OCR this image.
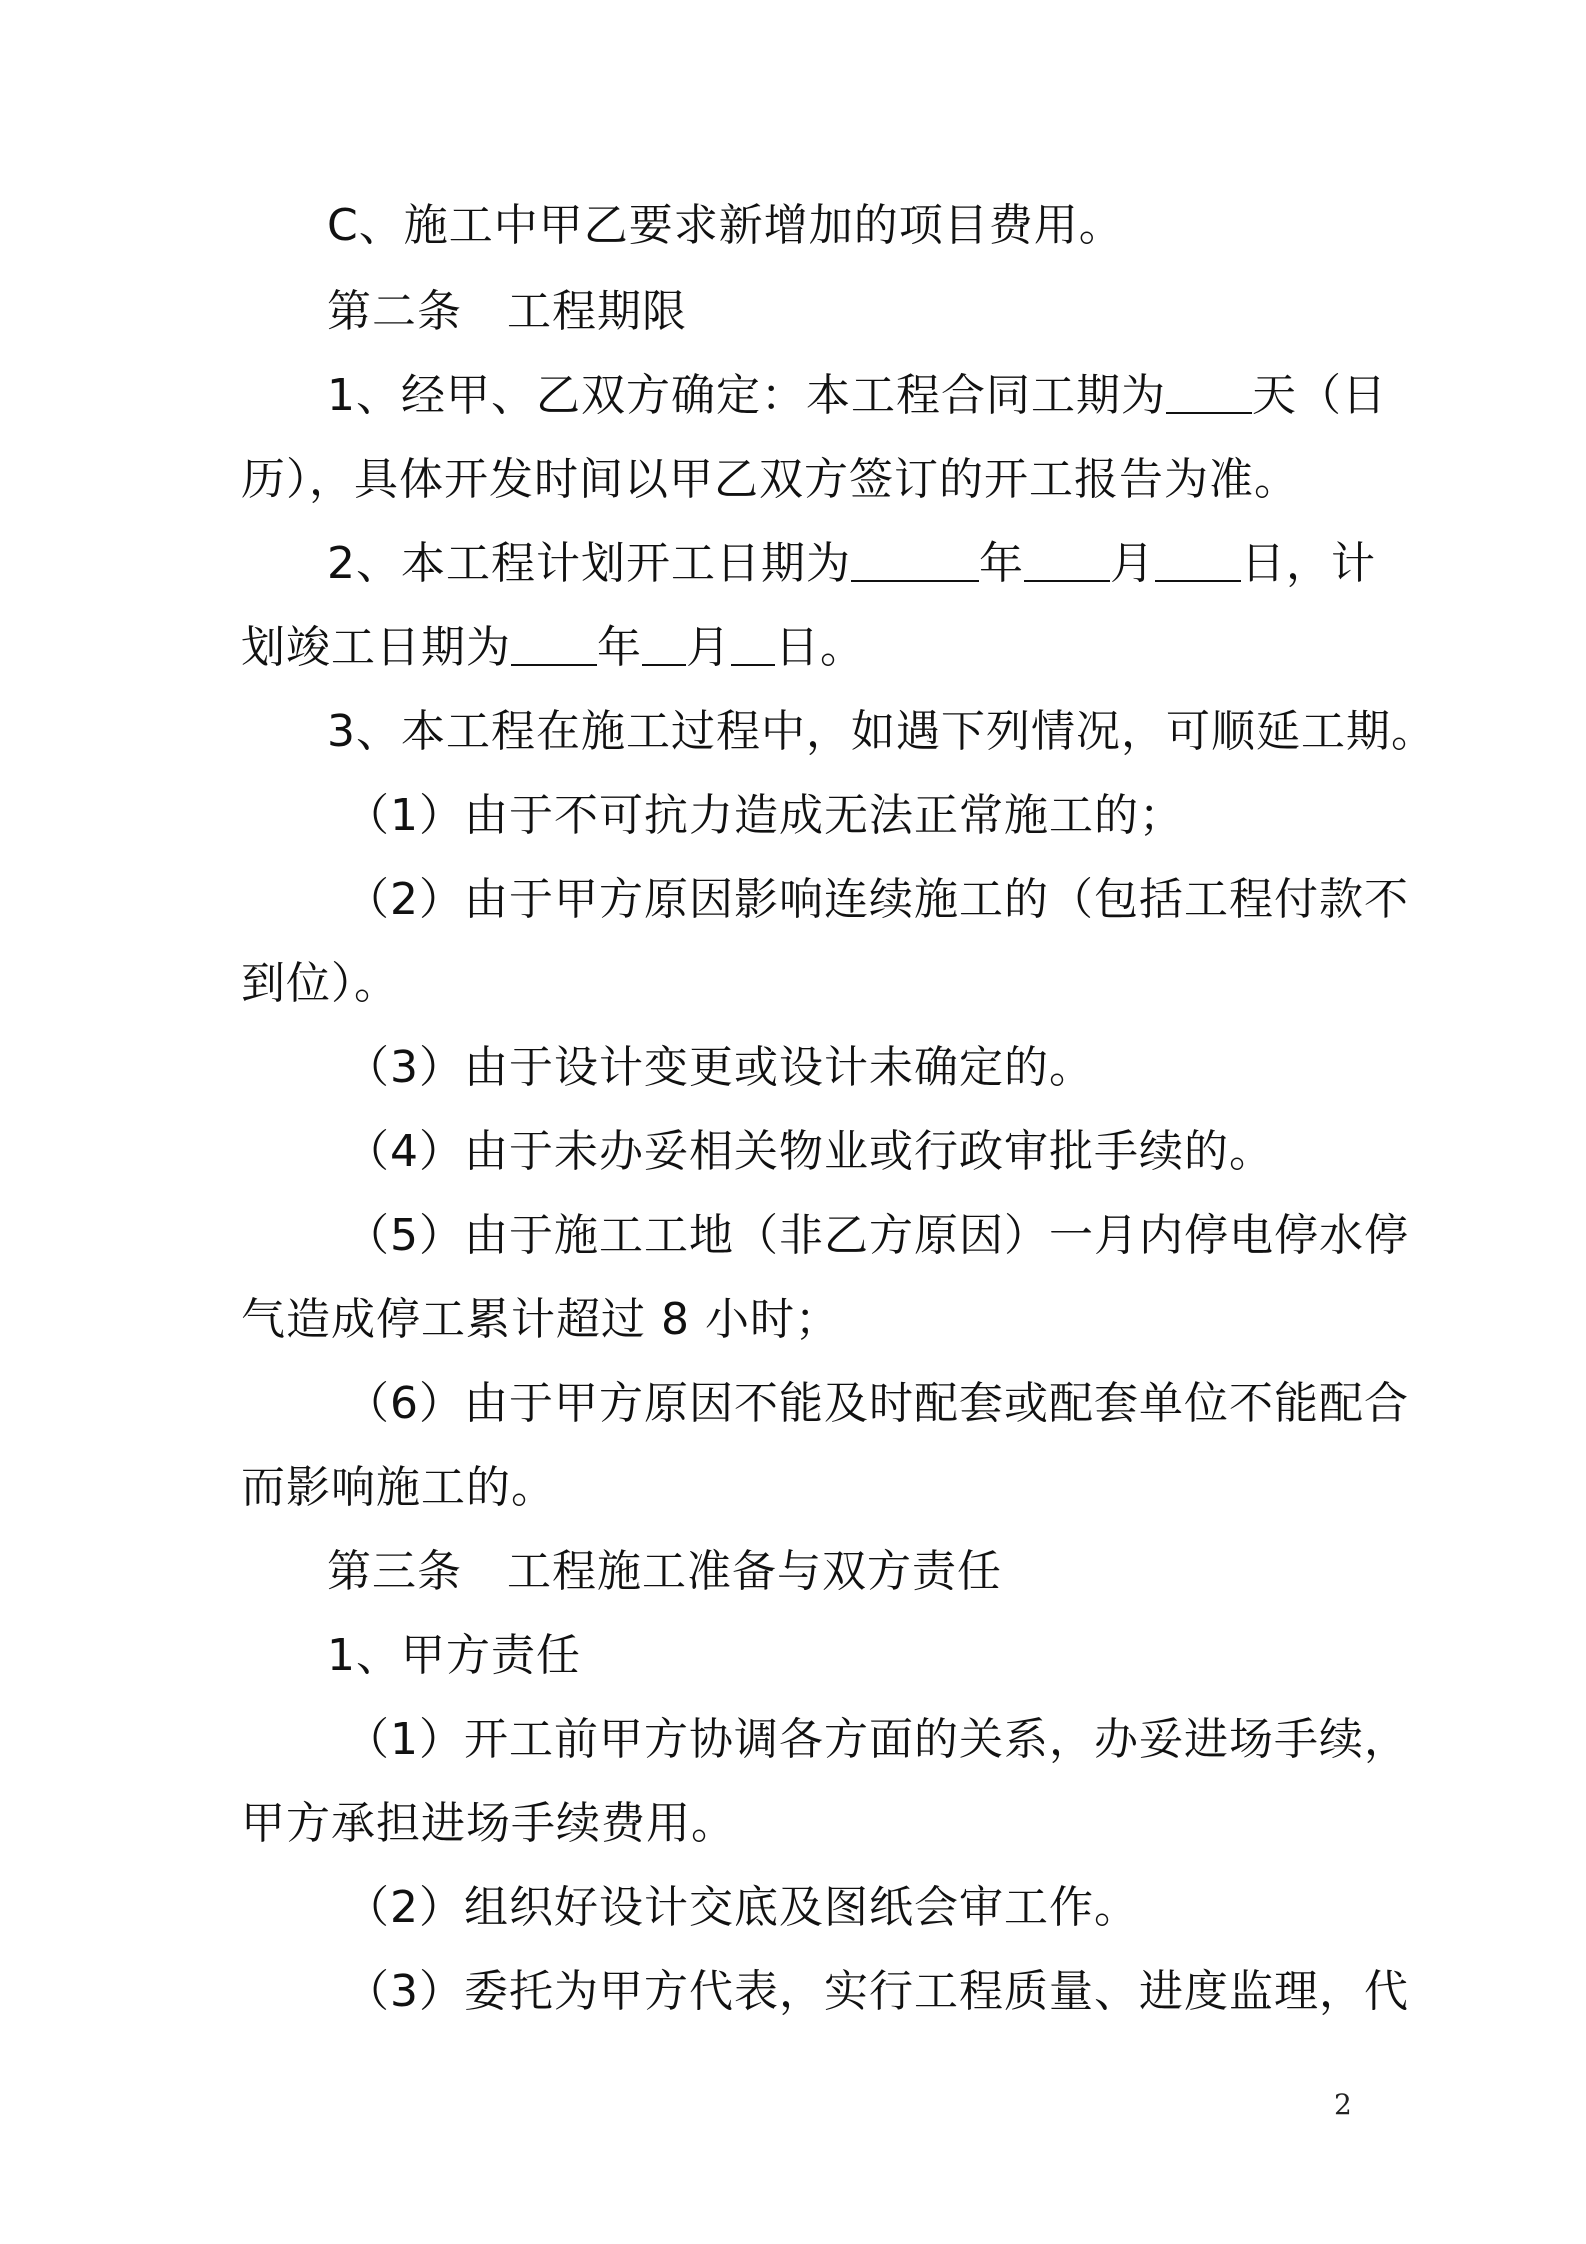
C、施工中甲乙要求新增加的项目费用。
第二条　工程期限
1、经甲、乙双方确定：本工程合同工期为 天（日
历），具体开发时间以甲乙双方签订的开工报告为准。
2、本工程计划开工日期为	年 月 日，计
划竣工日期为 年 月 日。
3、本工程在施工过程中，如遇下列情况，可顺延工期。
（1）由于不可抗力造成无法正常施工的；
（2）由于甲方原因影响连续施工的（包括工程付款不
到位）。
（3）由于设计变更或设计未确定的。
（4）由于未办妥相关物业或行政审批手续的。
（5）由于施工工地（非乙方原因）一月内停电停水停
气造成停工累计超过 8 小时；
（6）由于甲方原因不能及时配套或配套单位不能配合
而影响施工的。
第三条　工程施工准备与双方责任
1、甲方责任
（1）开工前甲方协调各方面的关系，办妥进场手续，
甲方承担进场手续费用。
（2）组织好设计交底及图纸会审工作。
（3）委托为甲方代表，实行工程质量、进度监理，代
2
